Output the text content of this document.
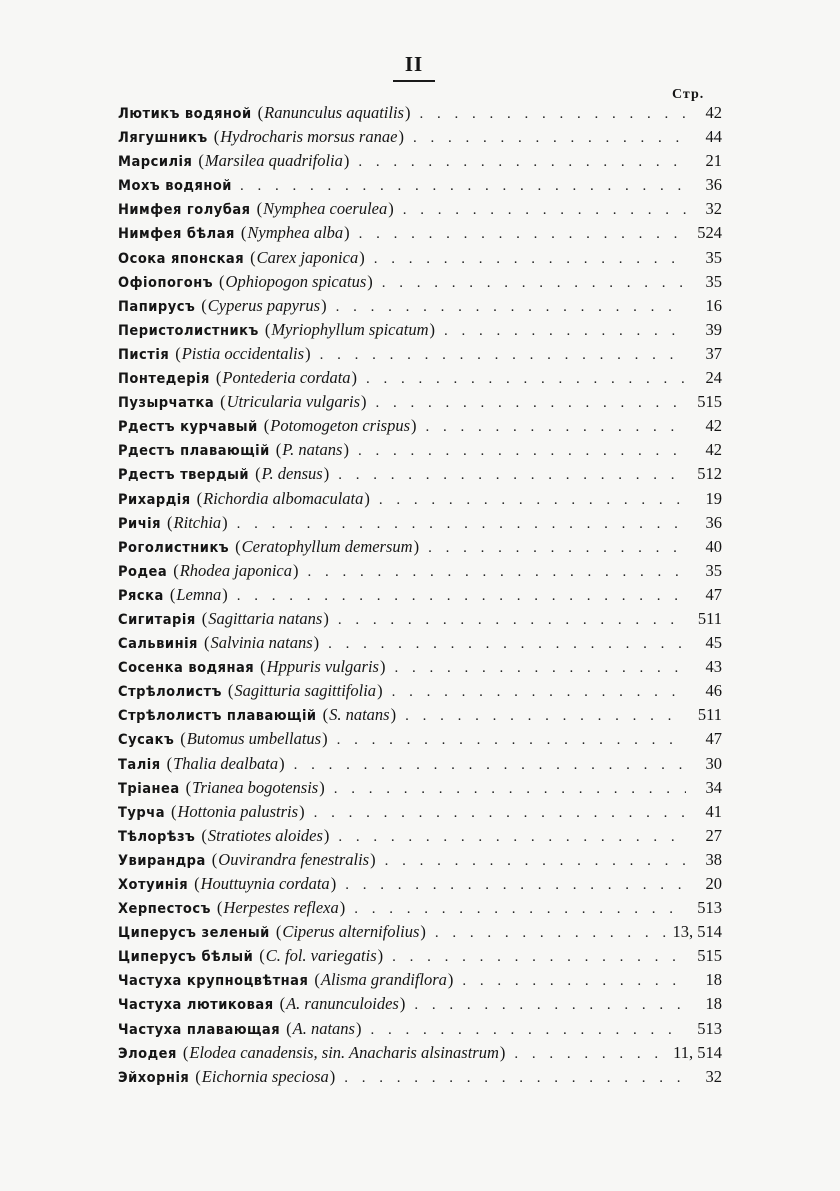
II
Стр.
Лютикъ водяной ( Ranunculus aquatilis ) . . .	42
Лягушникъ ( Hydrocharis morsus ranae ) . . .	44
Марсилія ( Marsilea quadrifolia ) . . .	21
Мохъ водяной . . .	36
Нимфея голубая ( Nymphea coerulea ) . . .	32
Нимфея бѣлая ( Nymphea alba ) . . .	524
Осока японская ( Carex japonica ) . . .	35
Офіопогонъ ( Ophiopogon spicatus ) . . .	35
Папирусъ ( Cyperus papyrus ) . . .	16
Перистолистникъ ( Myriophyllum spicatum ) . . .	39
Пистія ( Pistia occidentalis ) . . .	37
Понтедерія ( Pontederia cordata ) . . .	24
Пузырчатка ( Utricularia vulgaris ) . . .	515
Рдестъ курчавый ( Potomogeton crispus ) . . .	42
Рдестъ плавающій ( P. natans ) . . .	42
Рдестъ твердый ( P. densus ) . . .	512
Рихардія ( Richordia albomaculata ) . . .	19
Ричія ( Ritchia ) . . .	36
Роголистникъ ( Ceratophyllum demersum ) . . .	40
Родеа ( Rhodea japonica ) . . .	35
Ряска ( Lemna ) . . .	47
Сигитарія ( Sagittaria natans ) . . .	511
Сальвинія ( Salvinia natans ) . . .	45
Сосенка водяная ( Hppuris vulgaris ) . . .	43
Стрѣлолистъ ( Sagitturia sagittifolia ) . . .	46
Стрѣлолистъ плавающій ( S. natans ) . . .	511
Сусакъ ( Butomus umbellatus ) . . .	47
Талія ( Thalia dealbata ) . . .	30
Тріанеа ( Trianea bogotensis ) . . .	34
Турча ( Hottonia palustris ) . . .	41
Тѣлорѣзъ ( Stratiotes aloides ) . . .	27
Увирандра ( Ouvirandra fenestralis ) . . .	38
Хотуинія ( Houttuynia cordata ) . . .	20
Херпестосъ ( Herpestes reflexa ) . . .	513
Циперусъ зеленый ( Ciperus alternifolius ) . . .	13, 514
Циперусъ бѣлый ( C. fol. variegatis ) . . .	515
Частуха крупноцвѣтная ( Alisma grandiflora ) . . .	18
Частуха лютиковая ( A. ranunculoides ) . . .	18
Частуха плавающая ( A. natans ) . . .	513
Элодея ( Elodea canadensis, sin. Anacharis alsinastrum ) . . .	11, 514
Эйхорнія ( Eichornia speciosa ) . . .	32
